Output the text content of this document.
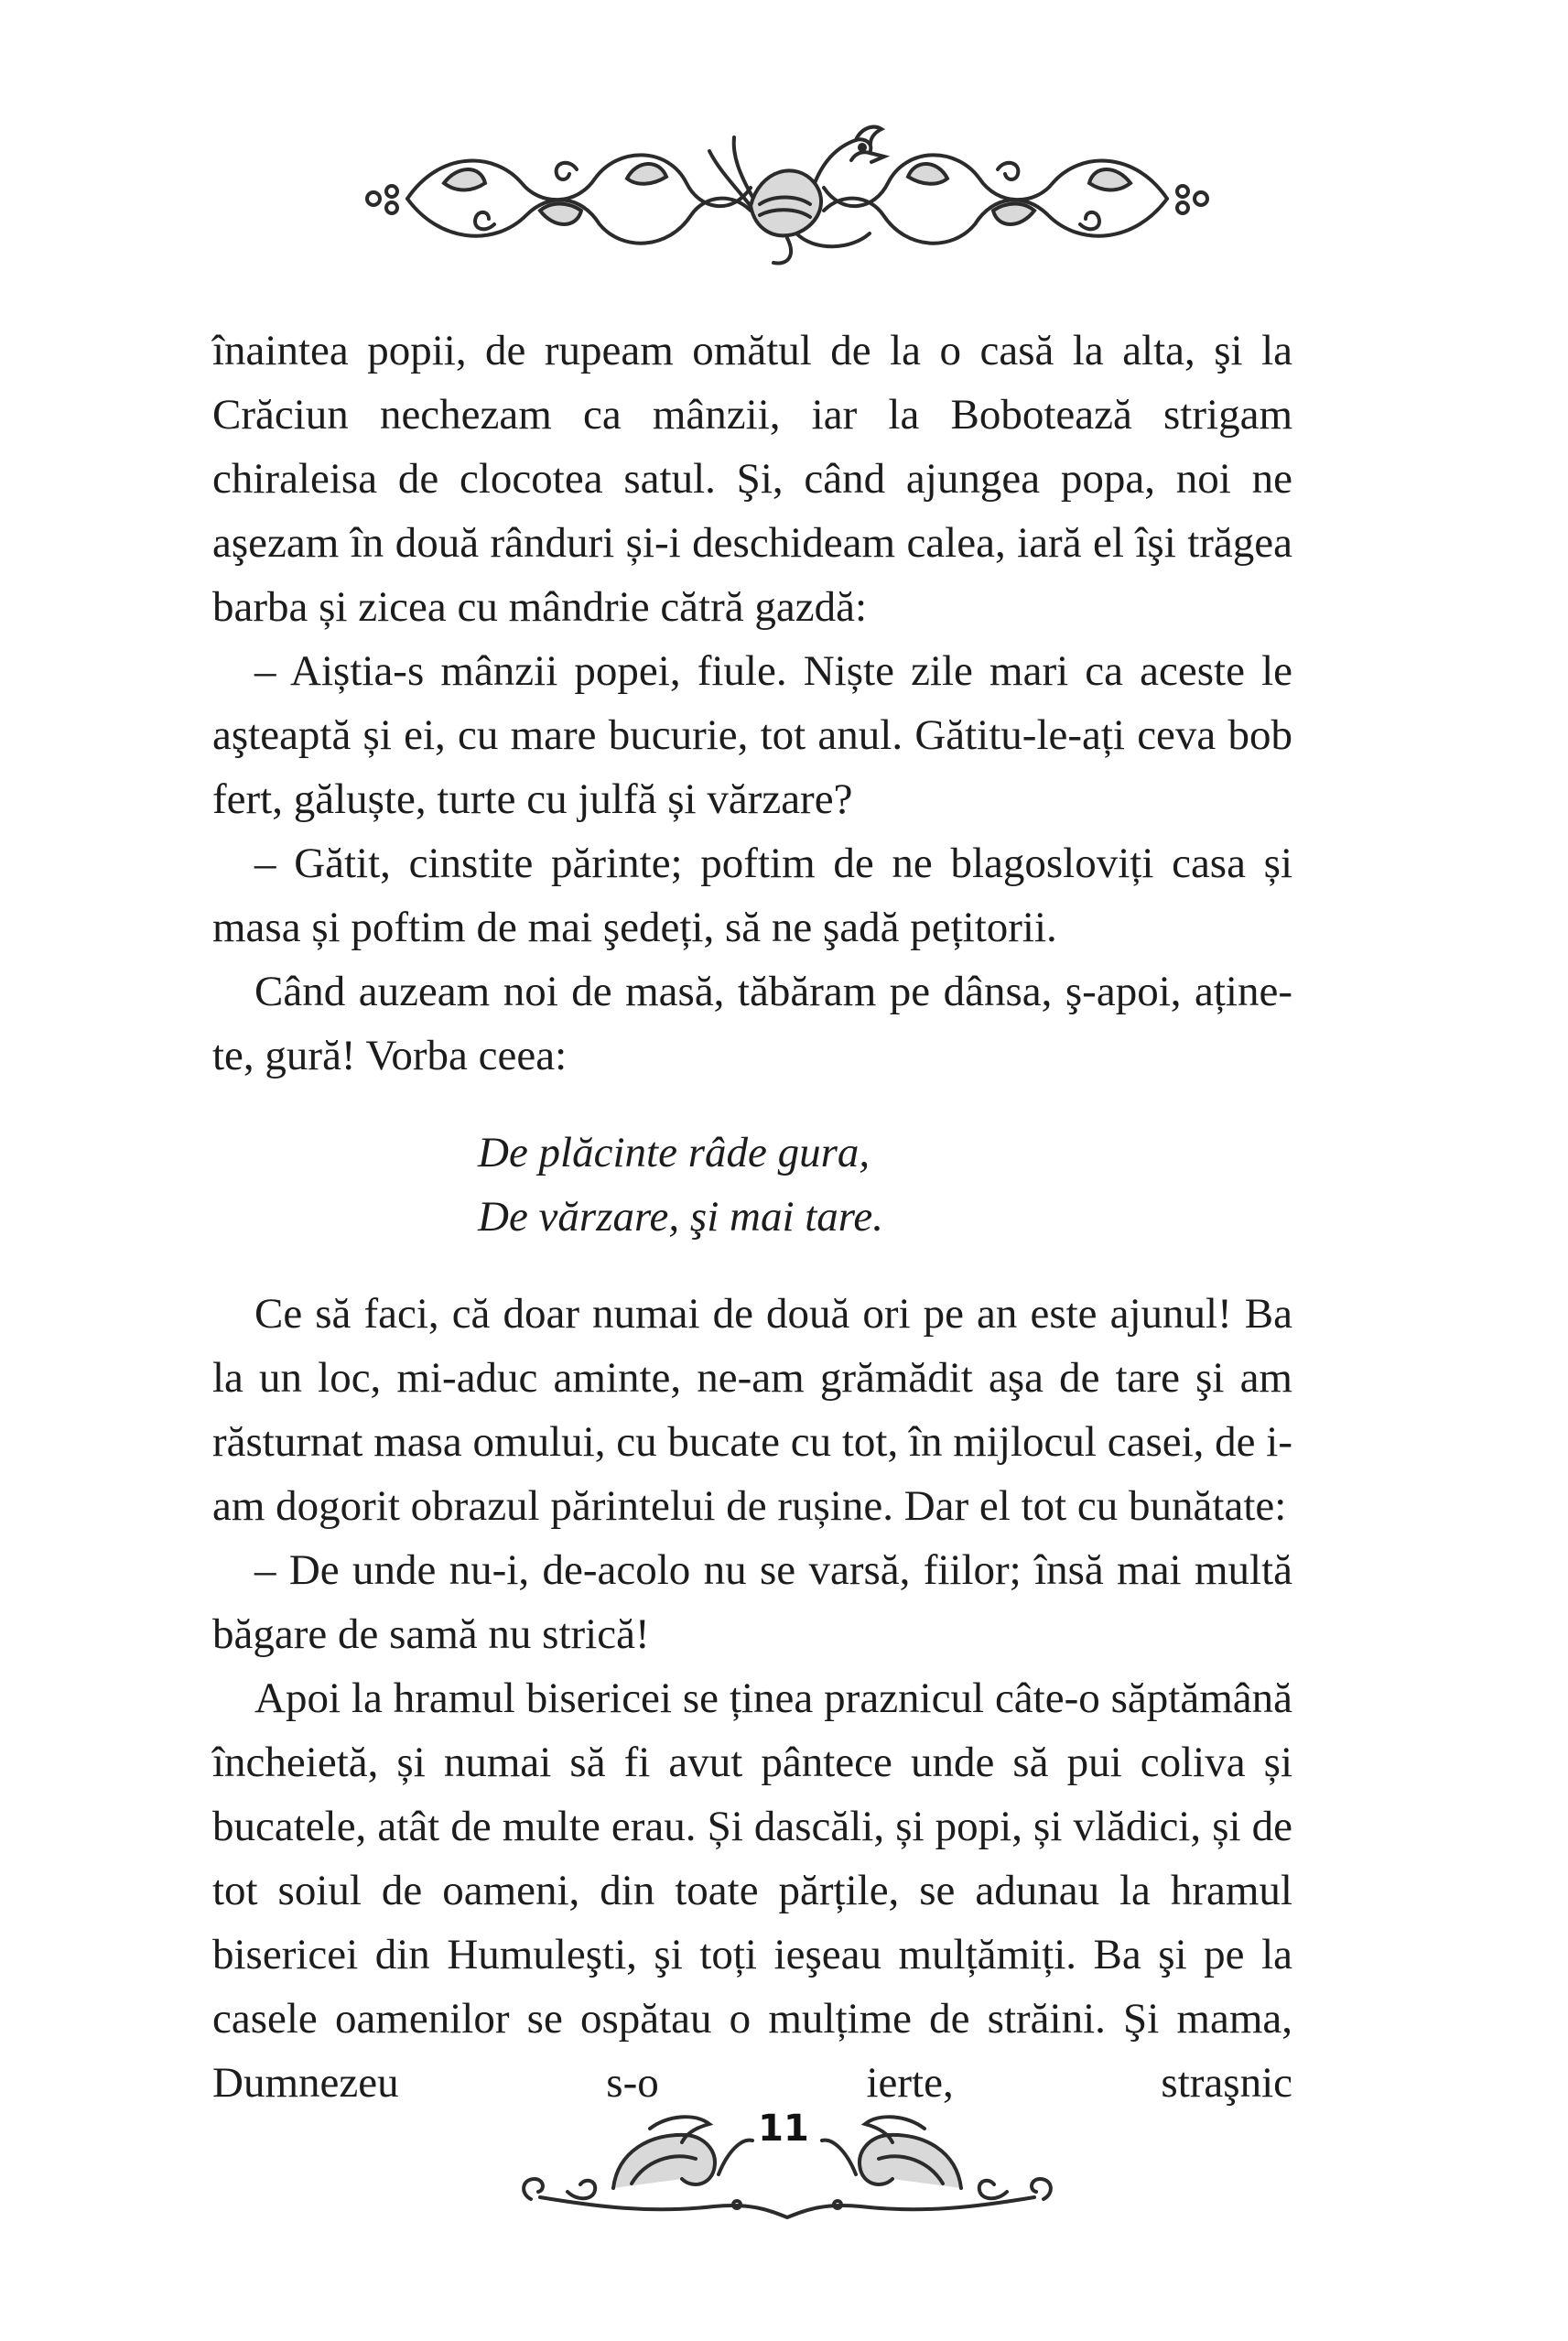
înaintea popii, de rupeam omătul de la o casă la alta, şi la Crăciun nechezam ca mânzii, iar la Bobotează strigam chiraleisa de clocotea satul. Şi, când ajungea popa, noi ne aşezam în două rânduri și-i deschideam calea, iară el îşi trăgea barba și zicea cu mândrie cătră gazdă:

– Aiștia-s mânzii popei, fiule. Niște zile mari ca aceste le aşteaptă și ei, cu mare bucurie, tot anul. Gătitu-le-ați ceva bob fert, găluște, turte cu julfă și vărzare?

– Gătit, cinstite părinte; poftim de ne blagosloviți casa și masa și poftim de mai şedeți, să ne şadă pețitorii.

Când auzeam noi de masă, tăbăram pe dânsa, ş-apoi, aține-te, gură! Vorba ceea:

De plăcinte râde gura,
De vărzare, şi mai tare.

Ce să faci, că doar numai de două ori pe an este ajunul! Ba la un loc, mi-aduc aminte, ne-am grămădit aşa de tare şi am răsturnat masa omului, cu bucate cu tot, în mijlocul casei, de i-am dogorit obrazul părintelui de rușine. Dar el tot cu bunătate:

– De unde nu-i, de-acolo nu se varsă, fiilor; însă mai multă băgare de samă nu strică!

Apoi la hramul bisericei se ținea praznicul câte-o săptămână încheietă, și numai să fi avut pântece unde să pui coliva și bucatele, atât de multe erau. Și dascăli, și popi, și vlădici, și de tot soiul de oameni, din toate părțile, se adunau la hramul bisericei din Humuleşti, şi toți ieşeau mulțămiți. Ba şi pe la casele oamenilor se ospătau o mulțime de străini. Şi mama, Dumnezeu s-o ierte, straşnic

11
